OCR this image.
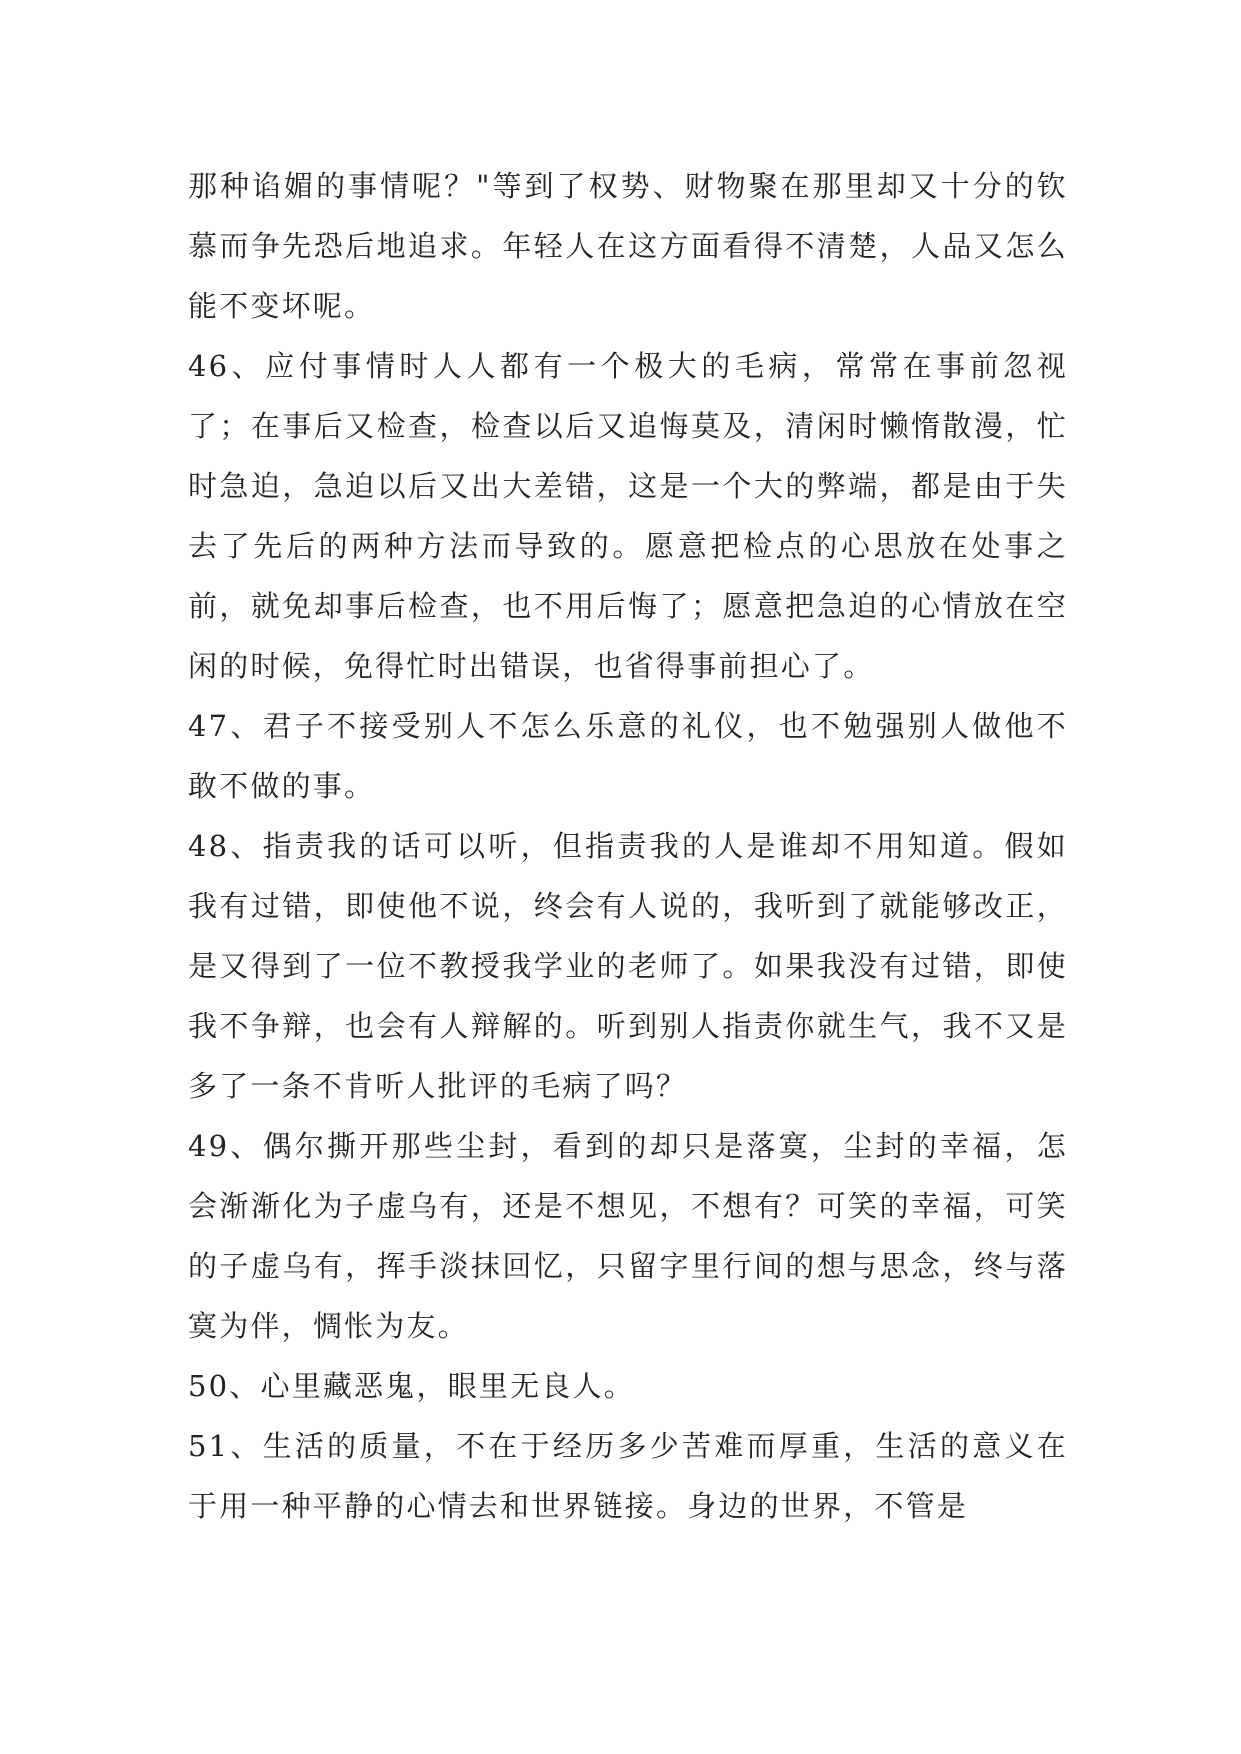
那种谄媚的事情呢？"等到了权势、财物聚在那里却又十分的钦慕而争先恐后地追求。年轻人在这方面看得不清楚，人品又怎么能不变坏呢。

46、应付事情时人人都有一个极大的毛病，常常在事前忽视了；在事后又检查，检查以后又追悔莫及，清闲时懒惰散漫，忙时急迫，急迫以后又出大差错，这是一个大的弊端，都是由于失去了先后的两种方法而导致的。愿意把检点的心思放在处事之前，就免却事后检查，也不用后悔了；愿意把急迫的心情放在空闲的时候，免得忙时出错误，也省得事前担心了。

47、君子不接受别人不怎么乐意的礼仪，也不勉强别人做他不敢不做的事。

48、指责我的话可以听，但指责我的人是谁却不用知道。假如我有过错，即使他不说，终会有人说的，我听到了就能够改正，是又得到了一位不教授我学业的老师了。如果我没有过错，即使我不争辩，也会有人辩解的。听到别人指责你就生气，我不又是多了一条不肯听人批评的毛病了吗？

49、偶尔撕开那些尘封，看到的却只是落寞，尘封的幸福，怎会渐渐化为子虚乌有，还是不想见，不想有？可笑的幸福，可笑的子虚乌有，挥手淡抹回忆，只留字里行间的想与思念，终与落寞为伴，惆怅为友。

50、心里藏恶鬼，眼里无良人。

51、生活的质量，不在于经历多少苦难而厚重，生活的意义在于用一种平静的心情去和世界链接。身边的世界，不管是
